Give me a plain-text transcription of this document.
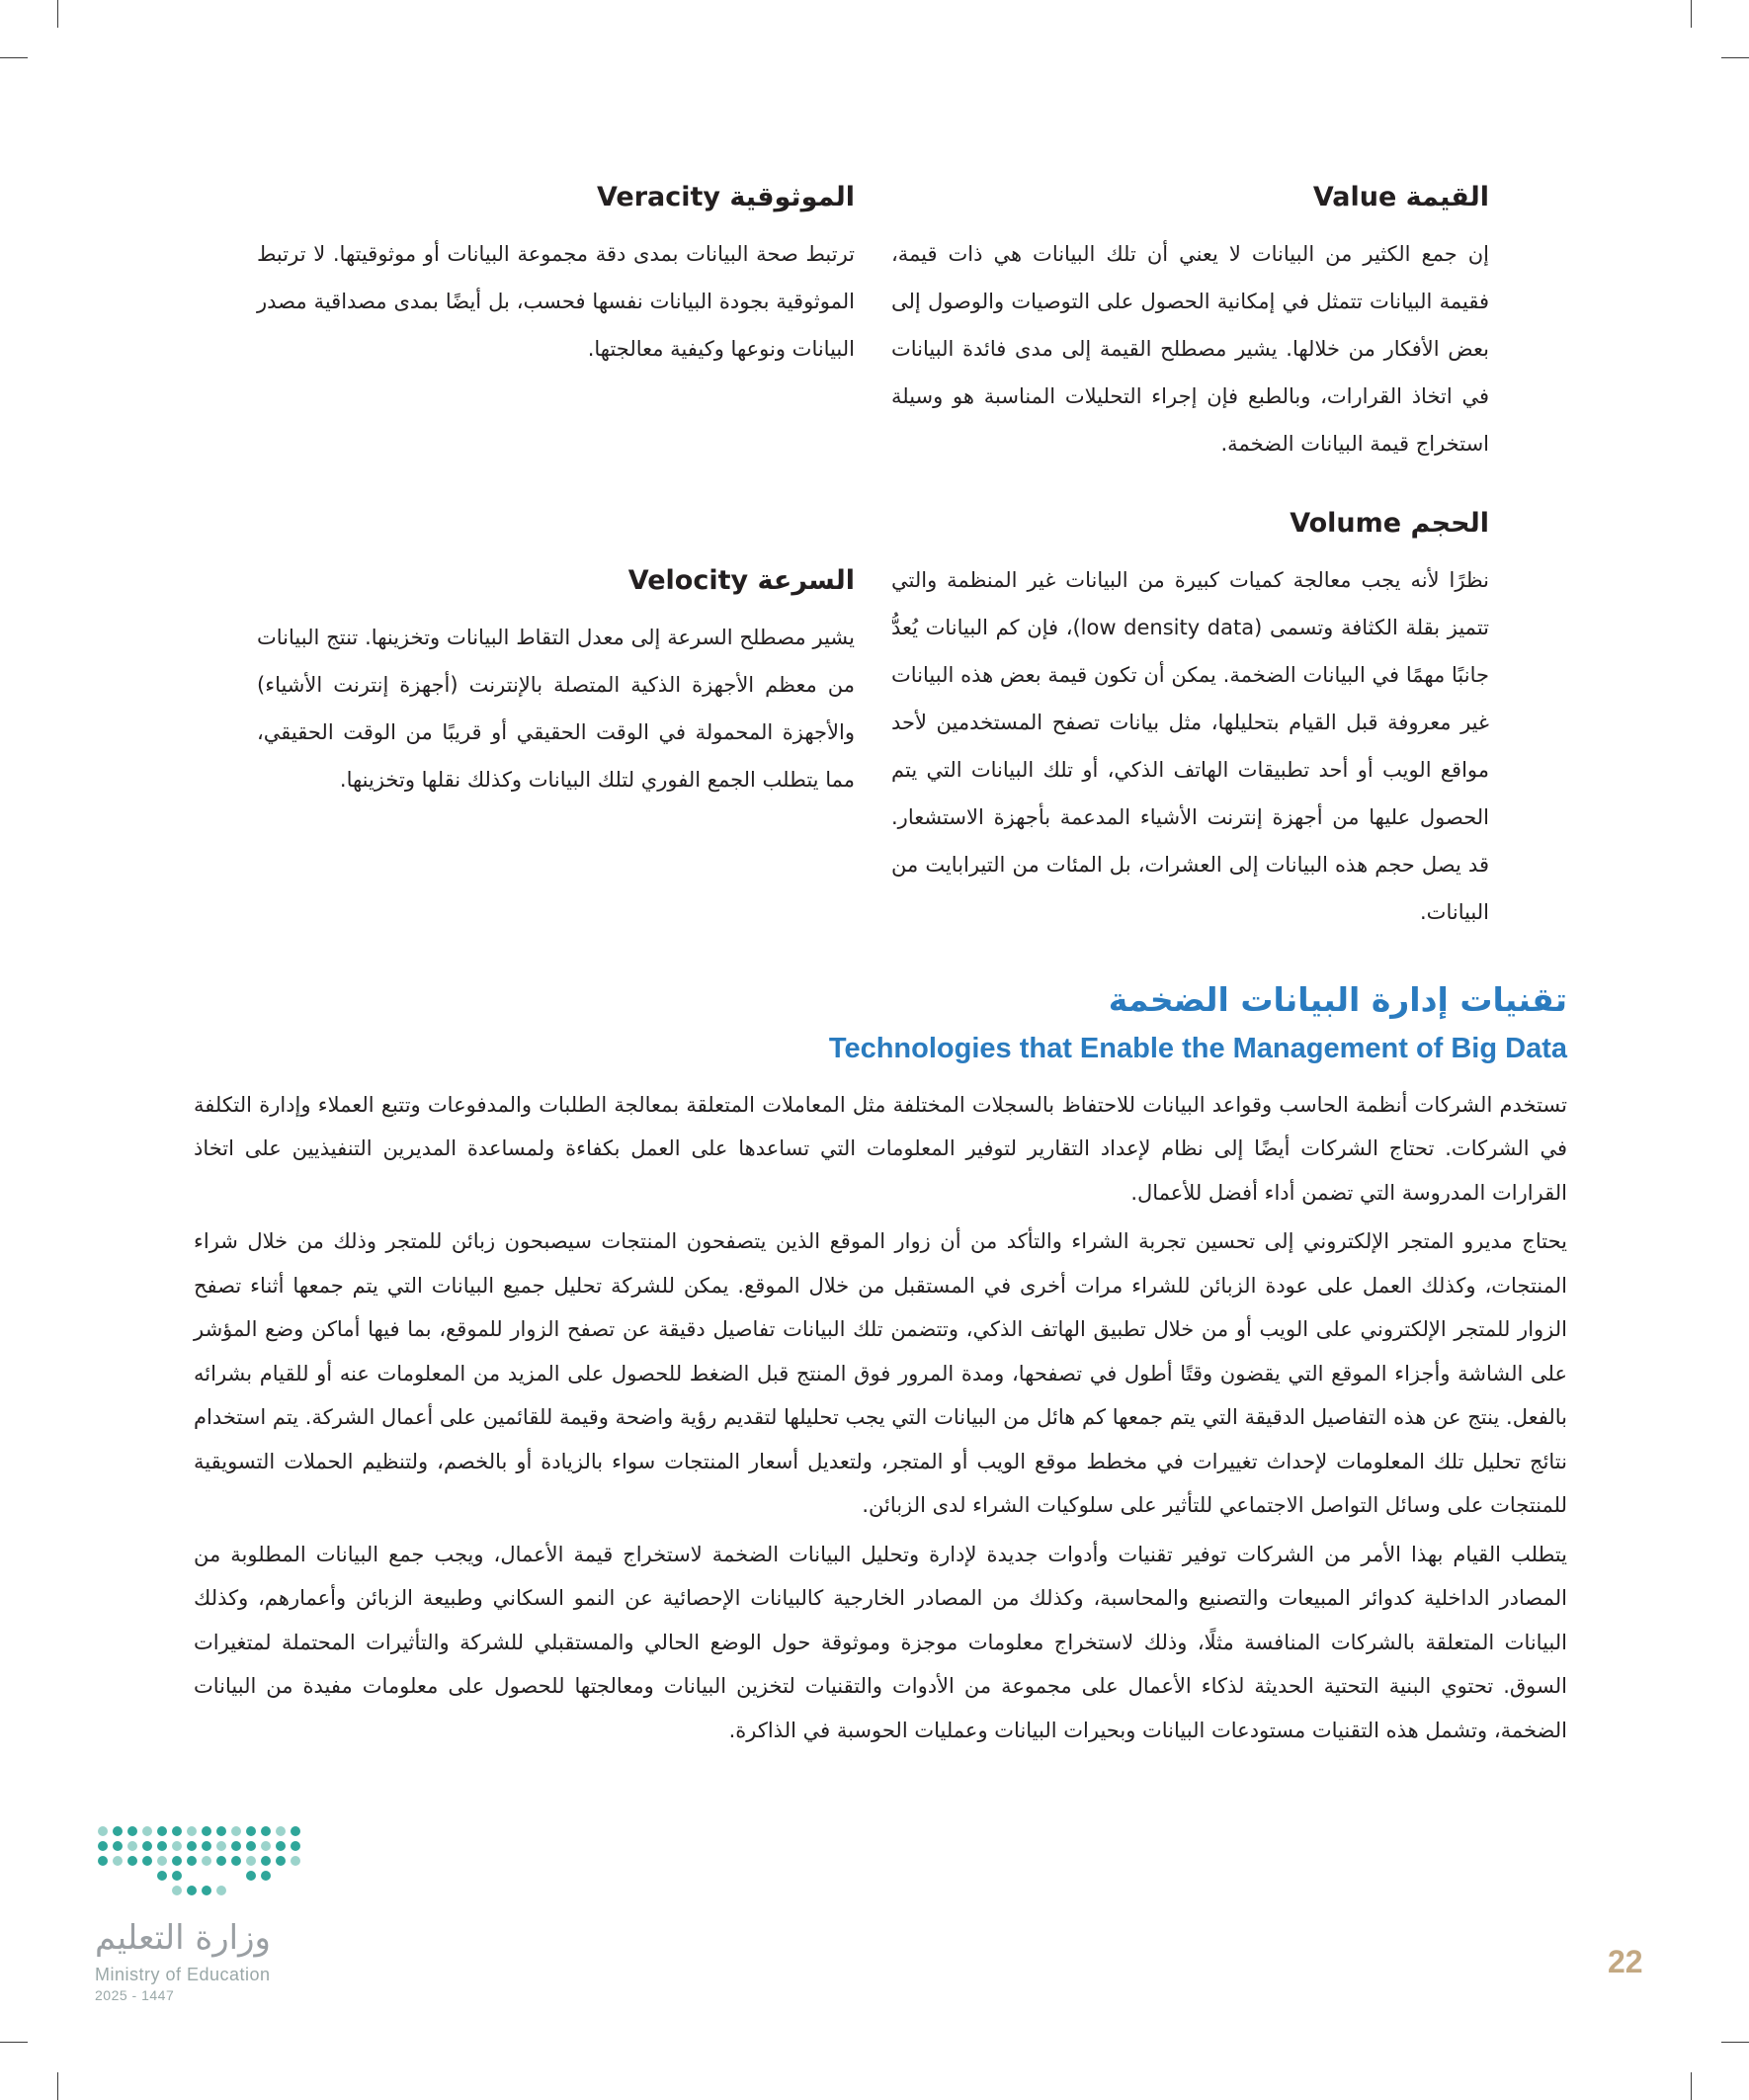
القيمة Value

إن جمع الكثير من البيانات لا يعني أن تلك البيانات هي ذات قيمة، فقيمة البيانات تتمثل في إمكانية الحصول على التوصيات والوصول إلى بعض الأفكار من خلالها. يشير مصطلح القيمة إلى مدى فائدة البيانات في اتخاذ القرارات، وبالطبع فإن إجراء التحليلات المناسبة هو وسيلة استخراج قيمة البيانات الضخمة.

الحجم Volume

نظرًا لأنه يجب معالجة كميات كبيرة من البيانات غير المنظمة والتي تتميز بقلة الكثافة وتسمى (low density data)، فإن كم البيانات يُعدُّ جانبًا مهمًا في البيانات الضخمة. يمكن أن تكون قيمة بعض هذه البيانات غير معروفة قبل القيام بتحليلها، مثل بيانات تصفح المستخدمين لأحد مواقع الويب أو أحد تطبيقات الهاتف الذكي، أو تلك البيانات التي يتم الحصول عليها من أجهزة إنترنت الأشياء المدعمة بأجهزة الاستشعار. قد يصل حجم هذه البيانات إلى العشرات، بل المئات من التيرابايت من البيانات.

الموثوقية Veracity

ترتبط صحة البيانات بمدى دقة مجموعة البيانات أو موثوقيتها. لا ترتبط الموثوقية بجودة البيانات نفسها فحسب، بل أيضًا بمدى مصداقية مصدر البيانات ونوعها وكيفية معالجتها.

السرعة Velocity

يشير مصطلح السرعة إلى معدل التقاط البيانات وتخزينها. تنتج البيانات من معظم الأجهزة الذكية المتصلة بالإنترنت (أجهزة إنترنت الأشياء) والأجهزة المحمولة في الوقت الحقيقي أو قريبًا من الوقت الحقيقي، مما يتطلب الجمع الفوري لتلك البيانات وكذلك نقلها وتخزينها.

تقنيات إدارة البيانات الضخمة
Technologies that Enable the Management of Big Data

تستخدم الشركات أنظمة الحاسب وقواعد البيانات للاحتفاظ بالسجلات المختلفة مثل المعاملات المتعلقة بمعالجة الطلبات والمدفوعات وتتبع العملاء وإدارة التكلفة في الشركات. تحتاج الشركات أيضًا إلى نظام لإعداد التقارير لتوفير المعلومات التي تساعدها على العمل بكفاءة ولمساعدة المديرين التنفيذيين على اتخاذ القرارات المدروسة التي تضمن أداء أفضل للأعمال.

يحتاج مديرو المتجر الإلكتروني إلى تحسين تجربة الشراء والتأكد من أن زوار الموقع الذين يتصفحون المنتجات سيصبحون زبائن للمتجر وذلك من خلال شراء المنتجات، وكذلك العمل على عودة الزبائن للشراء مرات أخرى في المستقبل من خلال الموقع. يمكن للشركة تحليل جميع البيانات التي يتم جمعها أثناء تصفح الزوار للمتجر الإلكتروني على الويب أو من خلال تطبيق الهاتف الذكي، وتتضمن تلك البيانات تفاصيل دقيقة عن تصفح الزوار للموقع، بما فيها أماكن وضع المؤشر على الشاشة وأجزاء الموقع التي يقضون وقتًا أطول في تصفحها، ومدة المرور فوق المنتج قبل الضغط للحصول على المزيد من المعلومات عنه أو للقيام بشرائه بالفعل. ينتج عن هذه التفاصيل الدقيقة التي يتم جمعها كم هائل من البيانات التي يجب تحليلها لتقديم رؤية واضحة وقيمة للقائمين على أعمال الشركة. يتم استخدام نتائج تحليل تلك المعلومات لإحداث تغييرات في مخطط موقع الويب أو المتجر، ولتعديل أسعار المنتجات سواء بالزيادة أو بالخصم، ولتنظيم الحملات التسويقية للمنتجات على وسائل التواصل الاجتماعي للتأثير على سلوكيات الشراء لدى الزبائن.

يتطلب القيام بهذا الأمر من الشركات توفير تقنيات وأدوات جديدة لإدارة وتحليل البيانات الضخمة لاستخراج قيمة الأعمال، ويجب جمع البيانات المطلوبة من المصادر الداخلية كدوائر المبيعات والتصنيع والمحاسبة، وكذلك من المصادر الخارجية كالبيانات الإحصائية عن النمو السكاني وطبيعة الزبائن وأعمارهم، وكذلك البيانات المتعلقة بالشركات المنافسة مثلًا، وذلك لاستخراج معلومات موجزة وموثوقة حول الوضع الحالي والمستقبلي للشركة والتأثيرات المحتملة لمتغيرات السوق. تحتوي البنية التحتية الحديثة لذكاء الأعمال على مجموعة من الأدوات والتقنيات لتخزين البيانات ومعالجتها للحصول على معلومات مفيدة من البيانات الضخمة، وتشمل هذه التقنيات مستودعات البيانات وبحيرات البيانات وعمليات الحوسبة في الذاكرة.

وزارة التعليم
Ministry of Education
2025 - 1447
22
